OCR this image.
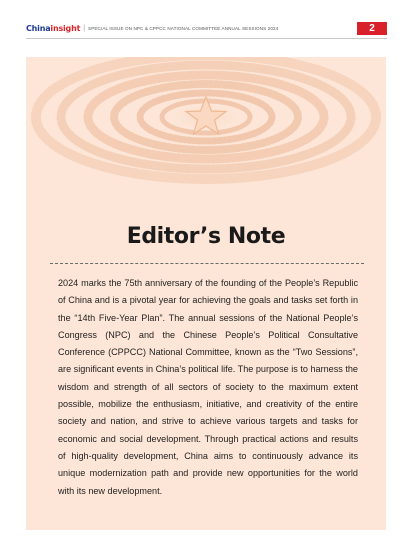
Chinainsight | SPECIAL ISSUE ON NPC & CPPCC NATIONAL COMMITTEE ANNUAL SESSIONS 2024	2
Editor’s Note

2024 marks the 75th anniversary of the founding of the People’s Republic of China and is a pivotal year for achieving the goals and tasks set forth in the “14th Five-Year Plan”. The annual sessions of the National People’s Congress (NPC) and the Chinese People’s Political Consultative Conference (CPPCC) National Committee, known as the “Two Sessions”, are significant events in China’s political life. The purpose is to harness the wisdom and strength of all sectors of society to the maximum extent possible, mobilize the enthusiasm, initiative, and creativity of the entire society and nation, and strive to achieve various targets and tasks for economic and social development. Through practical actions and results of high-quality development, China aims to continuously advance its unique modernization path and provide new opportunities for the world with its new development.
